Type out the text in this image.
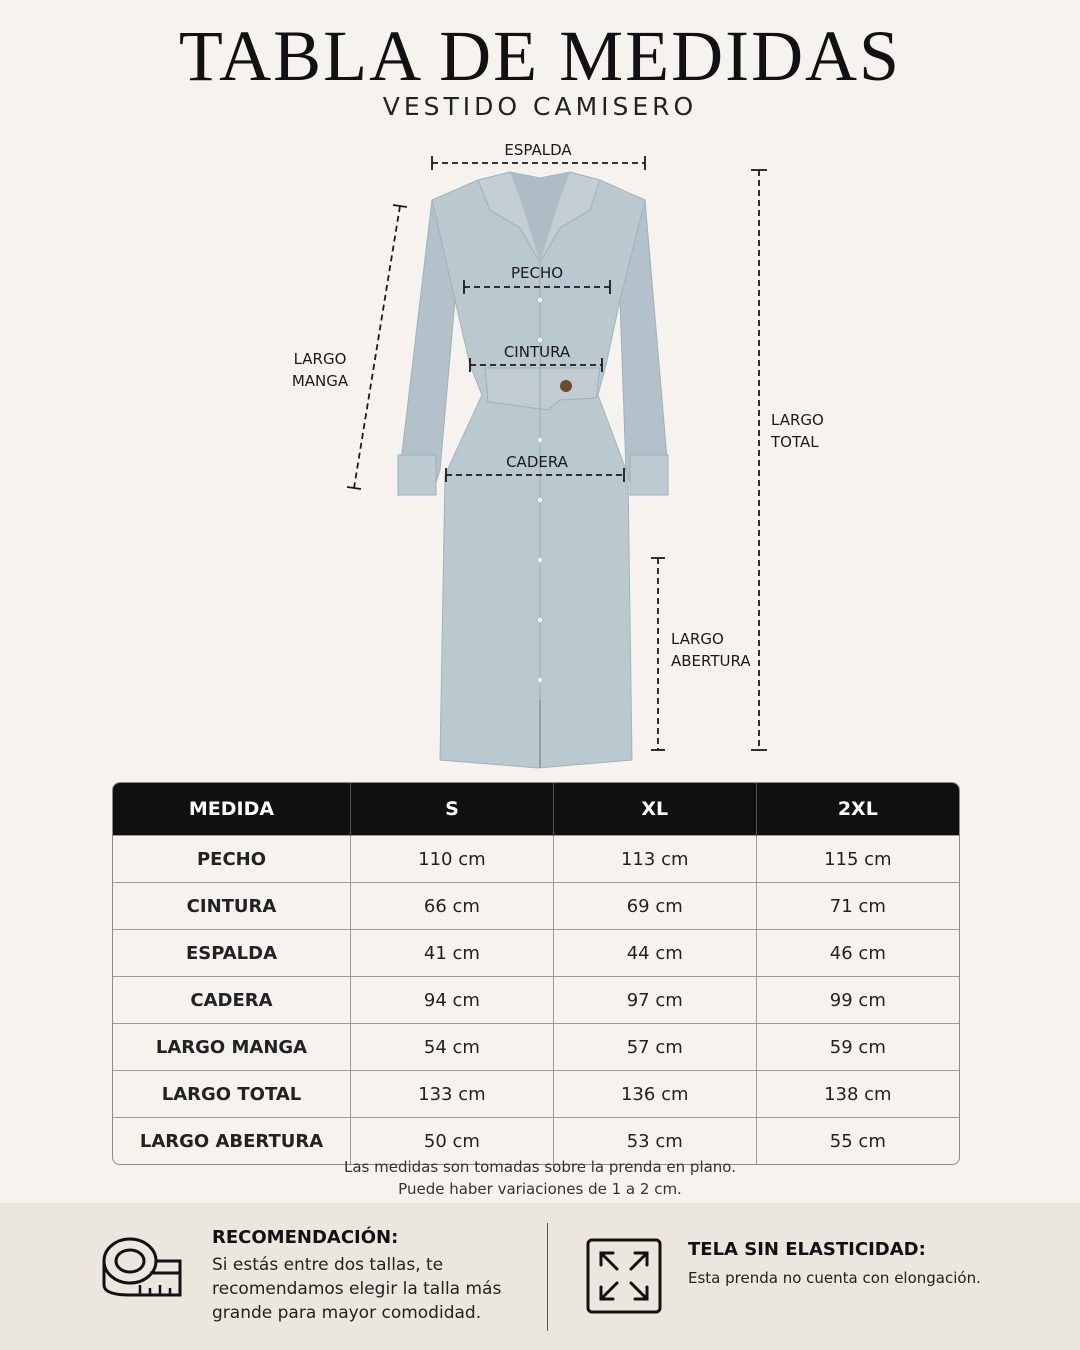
TABLA DE MEDIDAS
VESTIDO CAMISERO
ESPALDA
PECHO
CINTURA
CADERA
LARGO
MANGA
LARGO
TOTAL
LARGO
ABERTURA
MEDIDA	S	XL	2XL
PECHO	110 cm	113 cm	115 cm
CINTURA	66 cm	69 cm	71 cm
ESPALDA	41 cm	44 cm	46 cm
CADERA	94 cm	97 cm	99 cm
LARGO MANGA	54 cm	57 cm	59 cm
LARGO TOTAL	133 cm	136 cm	138 cm
LARGO ABERTURA	50 cm	53 cm	55 cm
Las medidas son tomadas sobre la prenda en plano.
Puede haber variaciones de 1 a 2 cm.
RECOMENDACIÓN:
Si estás entre dos tallas, te recomendamos elegir la talla más grande para mayor comodidad.
TELA SIN ELASTICIDAD:
Esta prenda no cuenta con elongación.
